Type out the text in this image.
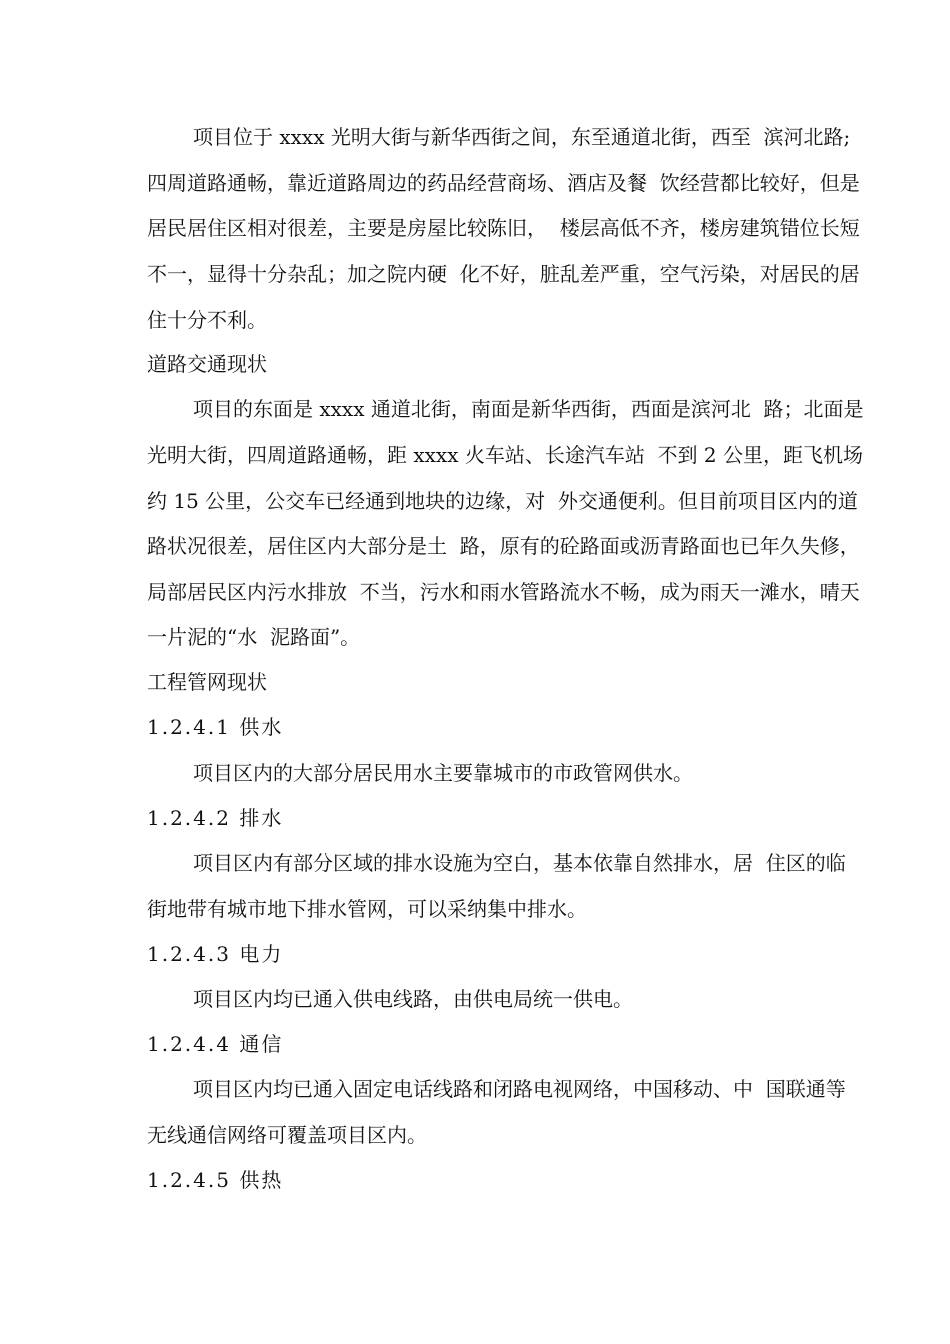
项目位于 xxxx 光明大街与新华西街之间，东至通道北街，西至  滨河北路;
四周道路通畅，靠近道路周边的药品经营商场、酒店及餐  饮经营都比较好，但是
居民居住区相对很差，主要是房屋比较陈旧，  楼层高低不齐，楼房建筑错位长短
不一，显得十分杂乱；加之院内硬  化不好，脏乱差严重，空气污染，对居民的居
住十分不利。
道路交通现状
项目的东面是 xxxx 通道北街，南面是新华西街，西面是滨河北  路；北面是
光明大街，四周道路通畅，距 xxxx 火车站、长途汽车站  不到 2 公里，距飞机场
约 15 公里，公交车已经通到地块的边缘，对  外交通便利。但目前项目区内的道
路状况很差，居住区内大部分是土  路，原有的砼路面或沥青路面也已年久失修，
局部居民区内污水排放  不当，污水和雨水管路流水不畅，成为雨天一滩水，晴天
一片泥的“水  泥路面”。
工程管网现状
1.2.4.1 供水
项目区内的大部分居民用水主要靠城市的市政管网供水。
1.2.4.2 排水
项目区内有部分区域的排水设施为空白，基本依靠自然排水，居  住区的临
街地带有城市地下排水管网，可以采纳集中排水。
1.2.4.3 电力
项目区内均已通入供电线路，由供电局统一供电。
1.2.4.4 通信
项目区内均已通入固定电话线路和闭路电视网络，中国移动、中  国联通等
无线通信网络可覆盖项目区内。
1.2.4.5 供热
